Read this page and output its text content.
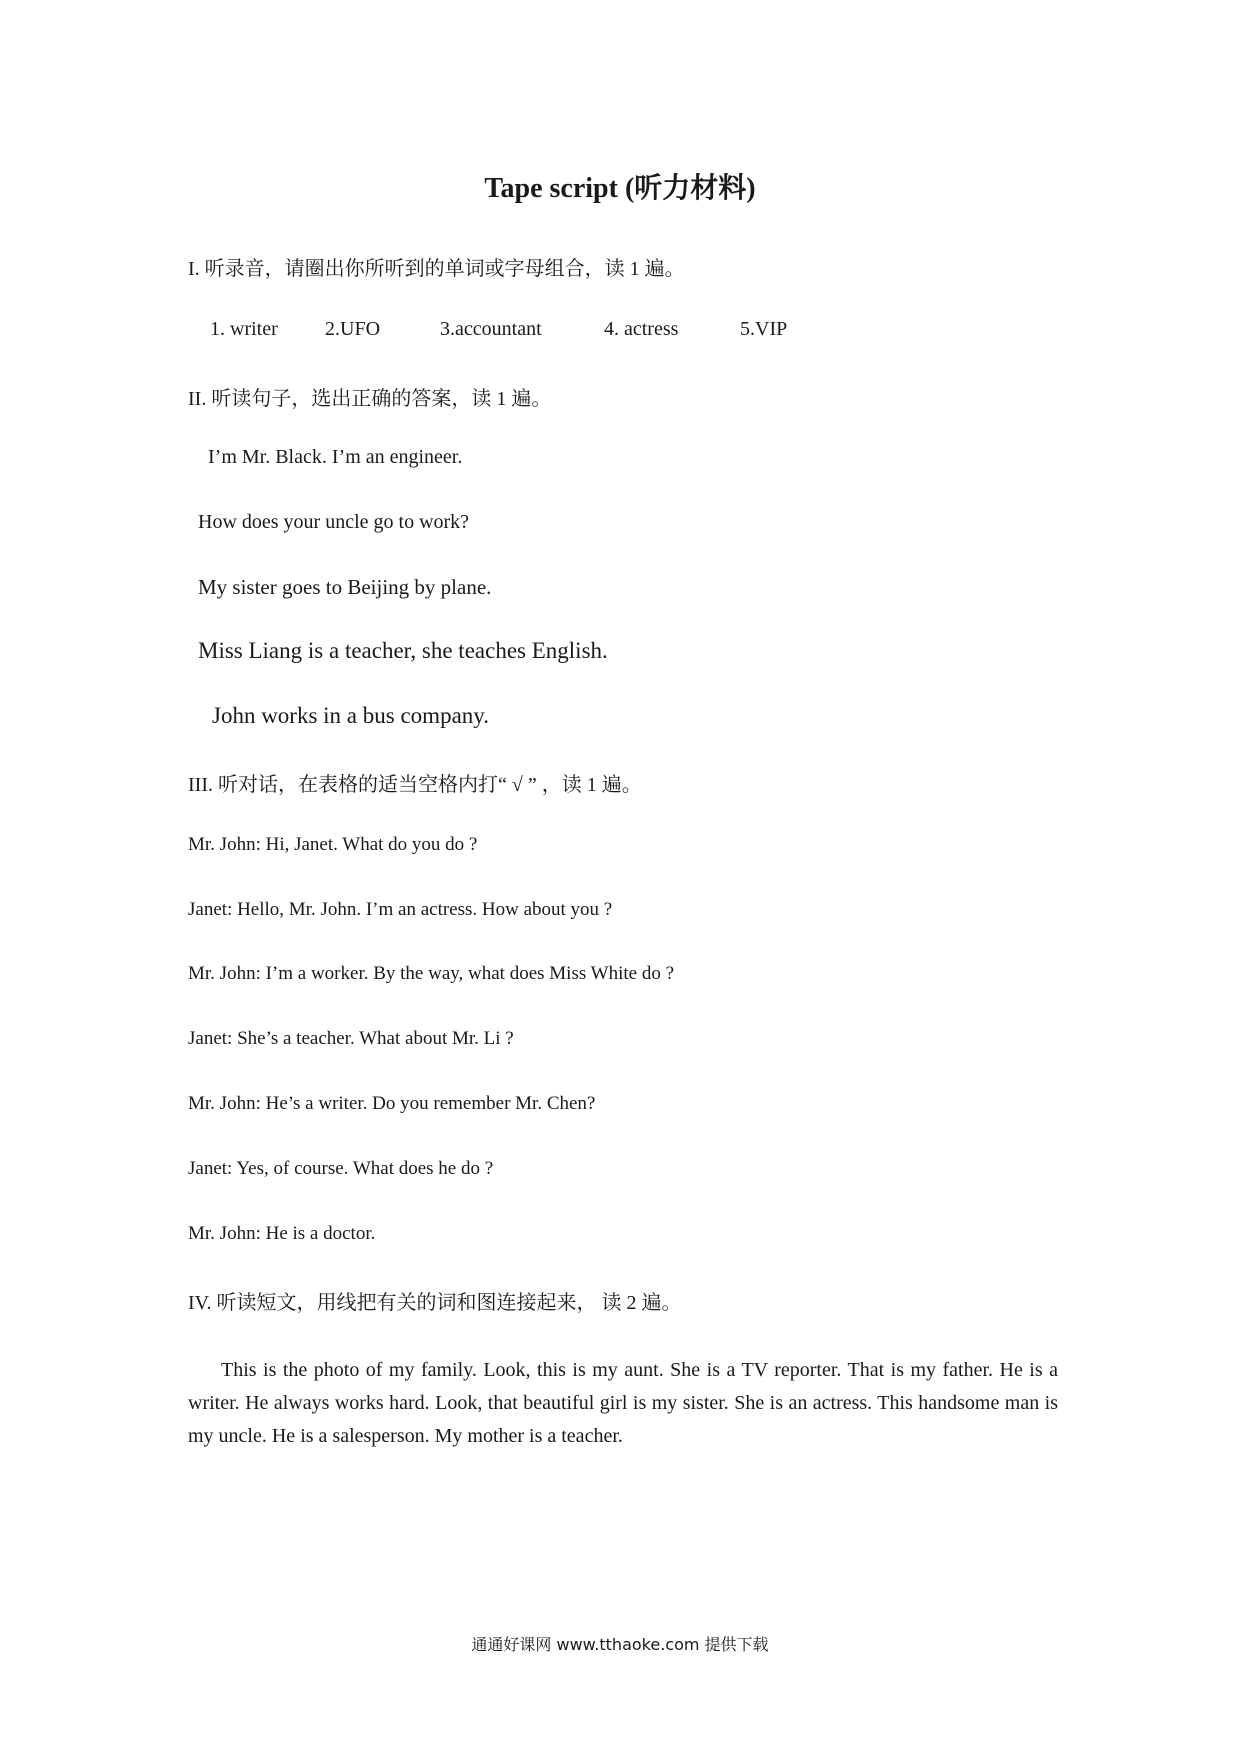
Tape script (听力材料)
I. 听录音，请圈出你所听到的单词或字母组合，读 1 遍。
1. writer 2.UFO	3.accountant	4. actress	5.VIP
II. 听读句子，选出正确的答案，读 1 遍。
I’m Mr. Black. I’m an engineer.
How does your uncle go to work?
My sister goes to Beijing by plane.
Miss Liang is a teacher, she teaches English.
John works in a bus company.
III. 听对话，在表格的适当空格内打“ √ ” ，读 1 遍。
Mr. John: Hi, Janet. What do you do ?
Janet: Hello, Mr. John. I’m an actress. How about you ?
Mr. John: I’m a worker. By the way, what does Miss White do ?
Janet: She’s a teacher. What about Mr. Li ?
Mr. John: He’s a writer. Do you remember Mr. Chen?
Janet: Yes, of course. What does he do ?
Mr. John: He is a doctor.
IV. 听读短文，用线把有关的词和图连接起来， 读 2 遍。
This is the photo of my family. Look, this is my aunt. She is a TV reporter. That is my father. He is a writer. He always works hard. Look, that beautiful girl is my sister. She is an actress. This handsome man is my uncle. He is a salesperson. My mother is a teacher.
通通好课网 www.tthaoke.com 提供下载
